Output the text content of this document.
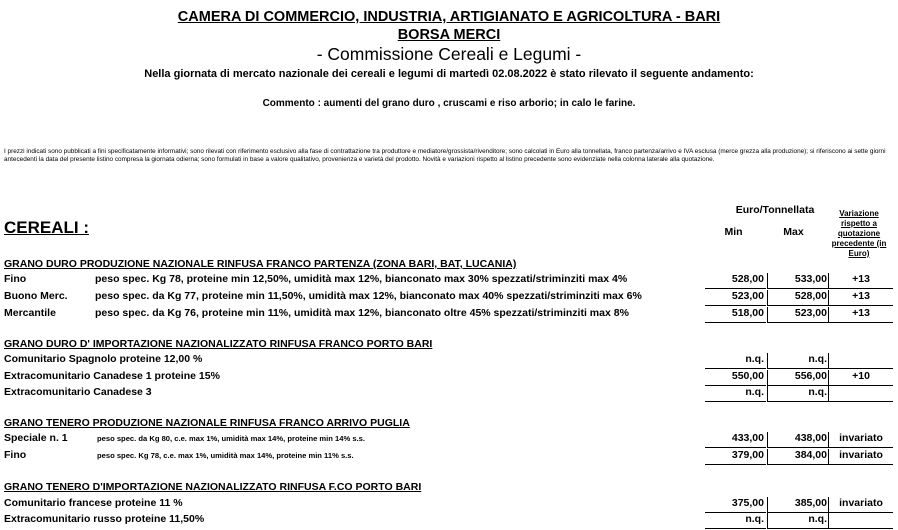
CAMERA DI COMMERCIO, INDUSTRIA, ARTIGIANATO E AGRICOLTURA - BARI
BORSA MERCI
- Commissione Cereali e Legumi -
Nella giornata di mercato nazionale dei cereali e legumi di martedì 02.08.2022 è stato rilevato il seguente andamento:
Commento : aumenti del grano duro , cruscami e riso arborio; in calo le farine.
I prezzi indicati sono pubblicati a fini specificatamente informativi; sono rilevati con riferimento esclusivo alla fase di contrattazione tra produttore e mediatore/grossista/rivenditore; sono calcolati in Euro alla tonnellata, franco partenza/arrivo e IVA esclusa (merce grezza alla produzione); si riferiscono ai sette giorni antecedenti la data del presente listino compresa la giornata odierna; sono formulati in base a valore qualitativo, provenienza e varietà del prodotto. Novità e variazioni rispetto al listino precedente sono evidenziate nella colonna laterale alla quotazione.
CEREALI :
Euro/Tonnellata
Min	Max
Variazione
rispetto a
quotazione
precedente (in
Euro)
GRANO DURO PRODUZIONE NAZIONALE RINFUSA FRANCO PARTENZA (ZONA BARI, BAT, LUCANIA)
Fino	peso spec. Kg 78, proteine min 12,50%, umidità max 12%, bianconato max 30% spezzati/striminziti max 4%	528,00	533,00	+13
Buono Merc.	peso spec. da Kg 77, proteine min 11,50%, umidità max 12%, bianconato max 40% spezzati/striminziti max 6%	523,00	528,00	+13
Mercantile	peso spec. da Kg 76, proteine min 11%, umidità max 12%, bianconato oltre 45% spezzati/striminziti max 8%	518,00	523,00	+13
GRANO DURO D' IMPORTAZIONE NAZIONALIZZATO RINFUSA FRANCO PORTO BARI
Comunitario Spagnolo proteine 12,00 %	n.q.	n.q.
Extracomunitario Canadese 1 proteine 15%	550,00	556,00	+10
Extracomunitario Canadese 3	n.q.	n.q.
GRANO TENERO PRODUZIONE NAZIONALE RINFUSA FRANCO ARRIVO PUGLIA
Speciale n. 1	peso spec. da Kg 80, c.e. max 1%, umidità max 14%, proteine min 14% s.s.	433,00	438,00	invariato
Fino	peso spec. Kg 78, c.e. max 1%, umidità max 14%, proteine min 11% s.s.	379,00	384,00	invariato
GRANO TENERO D'IMPORTAZIONE NAZIONALIZZATO RINFUSA F.CO PORTO BARI
Comunitario francese proteine 11 %	375,00	385,00	invariato
Extracomunitario russo proteine 11,50%	n.q.	n.q.
